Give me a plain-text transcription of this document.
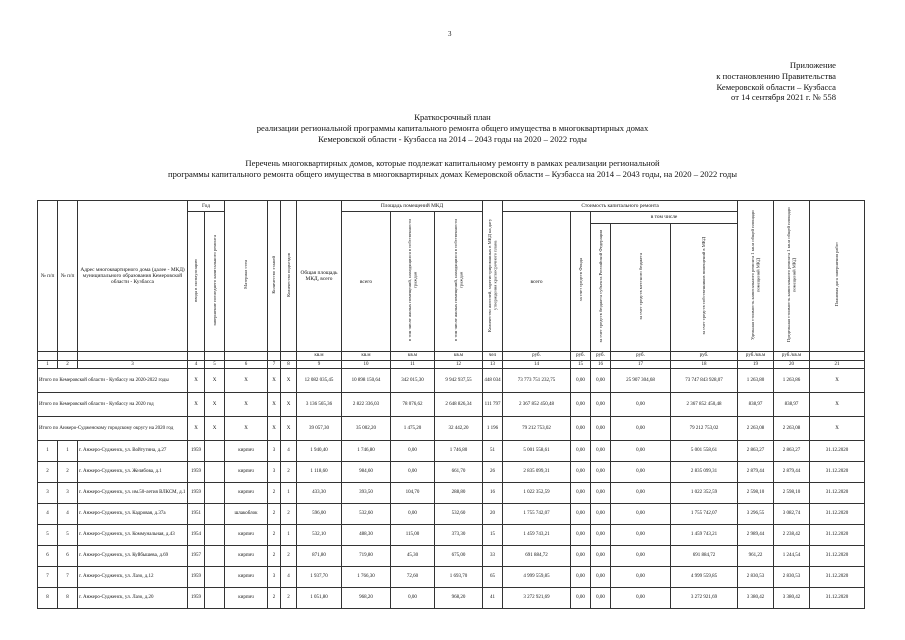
3
Приложение
к постановлению Правительства
Кемеровской области – Кузбасса
от 14 сентября 2021 г. № 558
Краткосрочный план
реализации региональной программы капитального ремонта общего имущества в многоквартирных домах
Кемеровской области - Кузбасса на 2014 – 2043 годы на 2020 – 2022 годы
Перечень многоквартирных домов, которые подлежат капитальному ремонту в рамках реализации региональной
программы капитального ремонта общего имущества в многоквартирных домах Кемеровской области – Кузбасса на 2014 – 2043 годы, на 2020 – 2022 годы
№ п/п	№ п/п	Адрес многоквартирного дома (далее - МКД) муниципального образования Кемеровской области - Кузбасса	Год		Материал стен	Количество этажей	Количество подъездов	Общая площадь МКД, всего	Площадь помещений МКД			Количество жителей, зарегистрированных в МКД на дату утверждения краткосрочного плана	Стоимость капитального ремонта					Удельная стоимость капитального ремонта 1 кв.м общей площади помещений МКД	Предельная стоимость капитального ремонта 1 кв.м общей площади помещений МКД	Плановая дата завершения работ
			ввода в эксплуатацию	завершение последнего капитального ремонта					всего	в том числе жилых помещений, находящихся в собственности граждан	в том числе жилых помещений, находящихся в собственности граждан		всего	за счет средств Фонда	в том числе					
															за счет средств бюджета субъекта Российской Федерации	за счет средств местного бюджета	за счет средств собственников помещений в МКД			
								кв.м	кв.м	кв.м	кв.м	чел	руб.	руб.	руб.	руб.	руб.	руб./кв.м	руб./кв.м	
1	2	3	4	5	6	7	8	9	10	11	12	13	14	15	16	17	18	19	20	21
Итого по Кемеровской области - Кузбассу на 2020-2022 годы			X	X	X	X	X	12 082 035,45	10 898 150,64	342 015,30	9 942 937,55	448 034	73 773 751 232,75	0,00	0,00	25 907 304,68	73 747 843 928,07	1 263,80	1 263,86	X
Итого по Кемеровской области - Кузбассу на 2020 год			X	X	X	X	X	3 136 565,36	2 822 336,03	78 076,62	2 648 826,34	111 797	2 367 852 450,48	0,00	0,00	0,00	2 367 852 450,48	838,97	838,97	X
Итого по Анжеро-Судженскому городскому округу на 2020 год			X	X	X	X	X	39 057,30	35 002,20	1 475,20	32 442,20	1 196	79 212 753,02	0,00	0,00	0,00	79 212 753,02	2 263,08	2 263,08	X
1	1	г. Анжеро-Судженск, ул. Войтутина, д.27	1959		кирпич	3	4	1 940,40	1 746,80	0,00	1 746,80	51	5 001 558,61	0,00	0,00	0,00	5 001 558,61	2 863,27	2 863,27	31.12.2020
2	2	г. Анжеро-Судженск, ул. Желябова, д.1	1959		кирпич	3	2	1 118,60	984,60	0,00	661,70	26	2 835 099,31	0,00	0,00	0,00	2 835 099,31	2 879,44	2 879,44	31.12.2020
3	3	г. Анжеро-Судженск, ул. им.50-летия ВЛКСМ, д.1	1959		кирпич	2	1	433,30	393,50	104,70	288,80	16	1 022 352,59	0,00	0,00	0,00	1 022 352,59	2 598,10	2 598,10	31.12.2020
4	4	г. Анжеро-Судженск, ул. Кадровая, д.37а	1951		шлакоблок	2	2	596,00	532,60	0,00	532,60	20	1 755 742,07	0,00	0,00	0,00	1 755 742,07	3 296,55	3 082,74	31.12.2020
5	5	г. Анжеро-Судженск, ул. Коммунальная, д.43	1954		кирпич	2	1	532,10	488,30	115,00	373,30	15	1 459 743,21	0,00	0,00	0,00	1 459 743,21	2 989,44	2 238,42	31.12.2020
6	6	г. Анжеро-Судженск, ул. Куйбышева, д.69	1957		кирпич	2	2	871,80	719,80	45,30	675,00	33	691 884,72	0,00	0,00	0,00	691 884,72	961,22	1 244,54	31.12.2020
7	7	г. Анжеро-Судженск, ул. Лазо, д.12	1959		кирпич	3	4	1 937,70	1 766,30	72,60	1 693,70	65	4 999 559,85	0,00	0,00	0,00	4 999 559,85	2 830,53	2 830,53	31.12.2020
8	8	г. Анжеро-Судженск, ул. Лазо, д.20	1959		кирпич	2	2	1 051,80	968,20	0,00	968,20	41	3 272 921,69	0,00	0,00	0,00	3 272 921,69	3 380,42	3 380,42	31.12.2020
